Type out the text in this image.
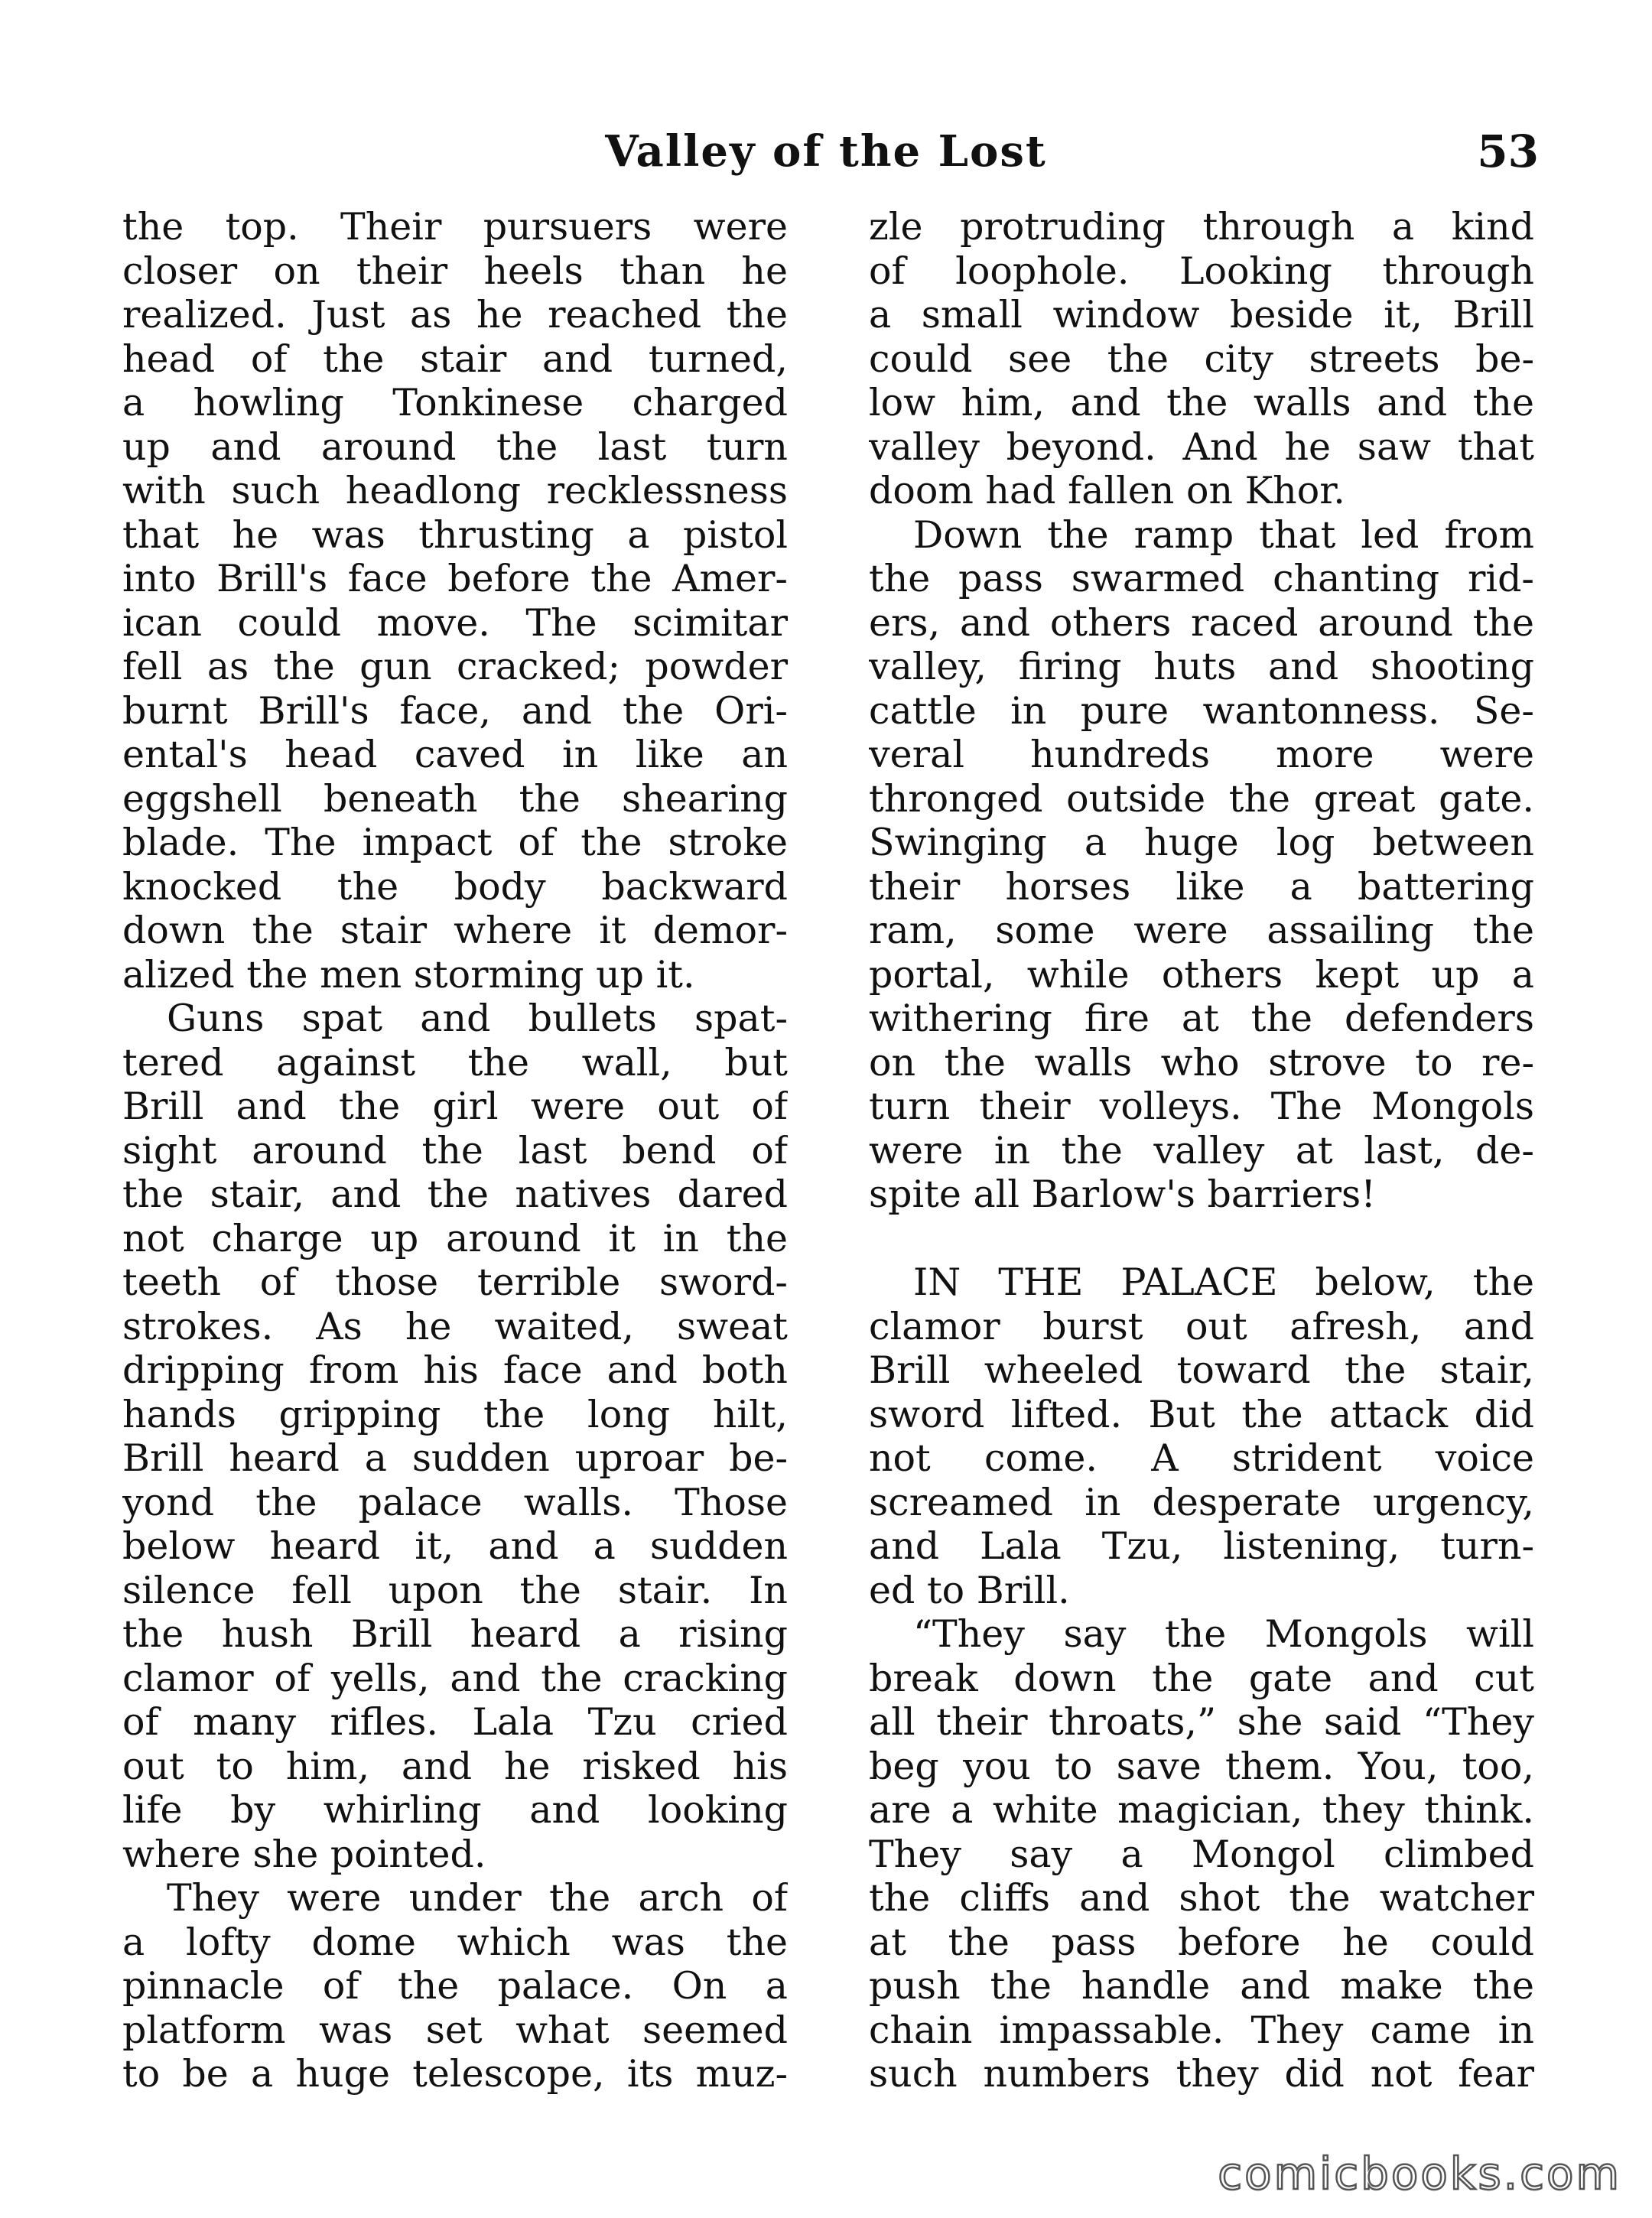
Valley of the Lost	53
the top. Their pursuers were
closer on their heels than he
realized. Just as he reached the
head of the stair and turned,
a howling Tonkinese charged
up and around the last turn
with such headlong recklessness
that he was thrusting a pistol
into Brill's face before the Amer-
ican could move. The scimitar
fell as the gun cracked; powder
burnt Brill's face, and the Ori-
ental's head caved in like an
eggshell beneath the shearing
blade. The impact of the stroke
knocked the body backward
down the stair where it demor-
alized the men storming up it.
Guns spat and bullets spat-
tered against the wall, but
Brill and the girl were out of
sight around the last bend of
the stair, and the natives dared
not charge up around it in the
teeth of those terrible sword-
strokes. As he waited, sweat
dripping from his face and both
hands gripping the long hilt,
Brill heard a sudden uproar be-
yond the palace walls. Those
below heard it, and a sudden
silence fell upon the stair. In
the hush Brill heard a rising
clamor of yells, and the cracking
of many rifles. Lala Tzu cried
out to him, and he risked his
life by whirling and looking
where she pointed.
They were under the arch of
a lofty dome which was the
pinnacle of the palace. On a
platform was set what seemed
to be a huge telescope, its muz-
zle protruding through a kind
of loophole. Looking through
a small window beside it, Brill
could see the city streets be-
low him, and the walls and the
valley beyond. And he saw that
doom had fallen on Khor.
Down the ramp that led from
the pass swarmed chanting rid-
ers, and others raced around the
valley, firing huts and shooting
cattle in pure wantonness. Se-
veral hundreds more were
thronged outside the great gate.
Swinging a huge log between
their horses like a battering
ram, some were assailing the
portal, while others kept up a
withering fire at the defenders
on the walls who strove to re-
turn their volleys. The Mongols
were in the valley at last, de-
spite all Barlow's barriers!
IN THE PALACE below, the
clamor burst out afresh, and
Brill wheeled toward the stair,
sword lifted. But the attack did
not come. A strident voice
screamed in desperate urgency,
and Lala Tzu, listening, turn-
ed to Brill.
“They say the Mongols will
break down the gate and cut
all their throats,” she said “They
beg you to save them. You, too,
are a white magician, they think.
They say a Mongol climbed
the cliffs and shot the watcher
at the pass before he could
push the handle and make the
chain impassable. They came in
such numbers they did not fear
comicbooks.com
